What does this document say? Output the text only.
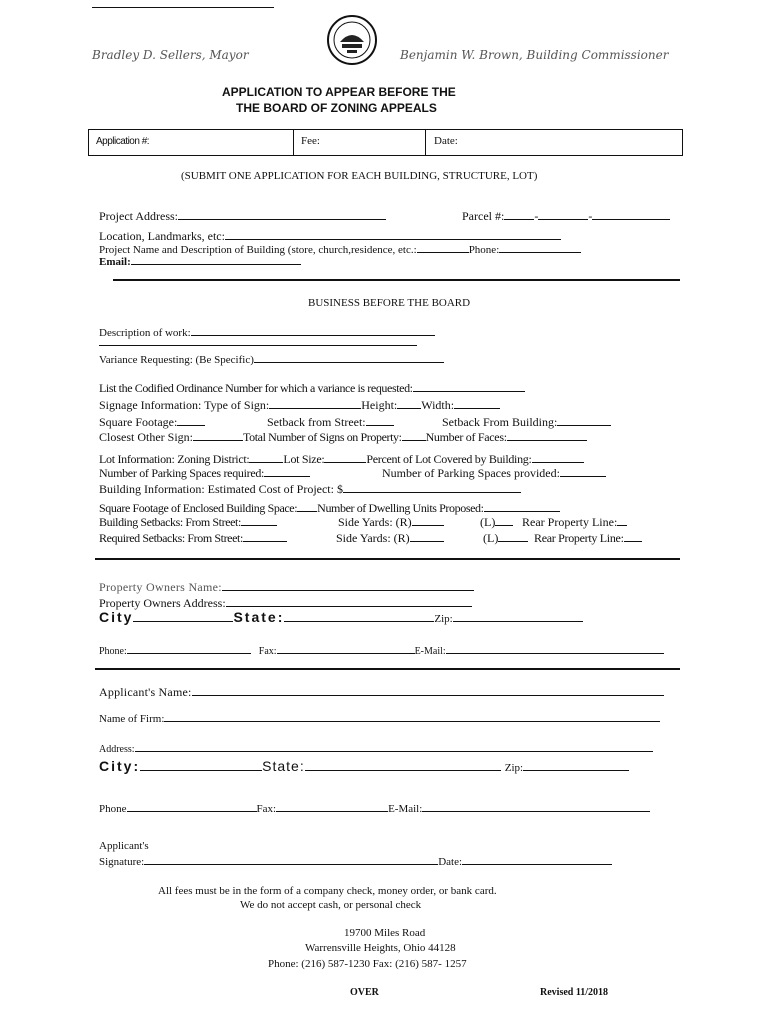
Bradley D. Sellers, Mayor	Benjamin W. Brown, Building Commissioner
APPLICATION TO APPEAR BEFORE THE
THE BOARD OF ZONING APPEALS
Application #:	Fee:	Date:
(SUBMIT ONE APPLICATION FOR EACH BUILDING, STRUCTURE, LOT)
Project Address:	Parcel #:	-	-
Location, Landmarks, etc:
Project Name and Description of Building (store, church,residence, etc.:	Phone:
Email:
BUSINESS BEFORE THE BOARD
Description of work:
Variance Requesting: (Be Specific)
List the Codified Ordinance Number for which a variance is requested:
Signage Information: Type of Sign:	Height: Width:
Square Footage:	Setback from Street:	Setback From Building:
Closest Other Sign:	Total Number of Signs on Property: Number of Faces:
Lot Information: Zoning District:	Lot Size:	Percent of Lot Covered by Building:
Number of Parking Spaces required:	Number of Parking Spaces provided:
Building Information: Estimated Cost of Project: $
Square Footage of Enclosed Building Space: Number of Dwelling Units Proposed:
Building Setbacks: From Street:	Side Yards: (R)	(L)	Rear Property Line:
Required Setbacks: From Street:	Side Yards: (R)	(L)	Rear Property Line:
Property Owners Name:
Property Owners Address:
City	State:	Zip:
Phone:	Fax:	E-Mail:
Applicant's Name:
Name of Firm:
Address:
City:	State:	Zip:
Phone	Fax:	E-Mail:
Applicant's
Signature:	Date:
All fees must be in the form of a company check, money order, or bank card.
We do not accept cash, or personal check
19700 Miles Road
Warrensville Heights, Ohio 44128
Phone: (216) 587-1230 Fax: (216) 587- 1257
OVER	Revised 11/2018
